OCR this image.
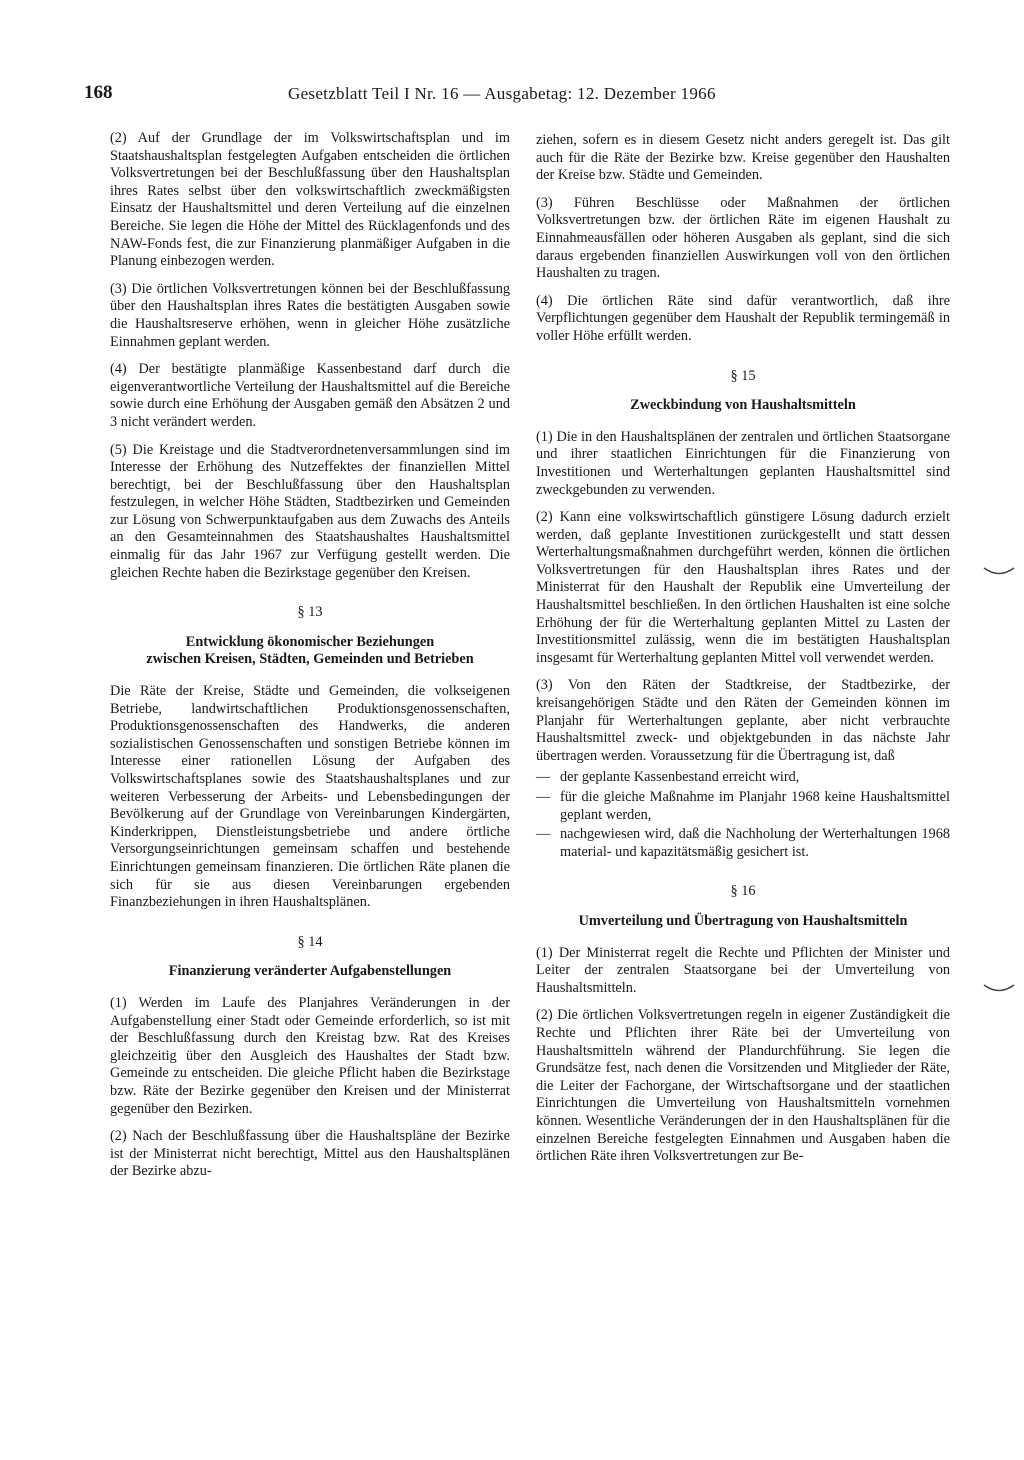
168	Gesetzblatt Teil I Nr. 16 — Ausgabetag: 12. Dezember 1966

(2) Auf der Grundlage der im Volkswirtschaftsplan und im Staatshaushaltsplan festgelegten Aufgaben entscheiden die örtlichen Volksvertretungen bei der Beschlußfassung über den Haushaltsplan ihres Rates selbst über den volkswirtschaftlich zweckmäßigsten Einsatz der Haushaltsmittel und deren Verteilung auf die einzelnen Bereiche. Sie legen die Höhe der Mittel des Rücklagenfonds und des NAW-Fonds fest, die zur Finanzierung planmäßiger Aufgaben in die Planung einbezogen werden.

(3) Die örtlichen Volksvertretungen können bei der Beschlußfassung über den Haushaltsplan ihres Rates die bestätigten Ausgaben sowie die Haushaltsreserve erhöhen, wenn in gleicher Höhe zusätzliche Einnahmen geplant werden.

(4) Der bestätigte planmäßige Kassenbestand darf durch die eigenverantwortliche Verteilung der Haushaltsmittel auf die Bereiche sowie durch eine Erhöhung der Ausgaben gemäß den Absätzen 2 und 3 nicht verändert werden.

(5) Die Kreistage und die Stadtverordnetenversammlungen sind im Interesse der Erhöhung des Nutzeffektes der finanziellen Mittel berechtigt, bei der Beschlußfassung über den Haushaltsplan festzulegen, in welcher Höhe Städten, Stadtbezirken und Gemeinden zur Lösung von Schwerpunktaufgaben aus dem Zuwachs des Anteils an den Gesamteinnahmen des Staatshaushaltes Haushaltsmittel einmalig für das Jahr 1967 zur Verfügung gestellt werden. Die gleichen Rechte haben die Bezirkstage gegenüber den Kreisen.

§ 13
Entwicklung ökonomischer Beziehungen
zwischen Kreisen, Städten, Gemeinden und Betrieben

Die Räte der Kreise, Städte und Gemeinden, die volkseigenen Betriebe, landwirtschaftlichen Produktionsgenossenschaften, Produktionsgenossenschaften des Handwerks, die anderen sozialistischen Genossenschaften und sonstigen Betriebe können im Interesse einer rationellen Lösung der Aufgaben des Volkswirtschaftsplanes sowie des Staatshaushaltsplanes und zur weiteren Verbesserung der Arbeits- und Lebensbedingungen der Bevölkerung auf der Grundlage von Vereinbarungen Kindergärten, Kinderkrippen, Dienstleistungsbetriebe und andere örtliche Versorgungseinrichtungen gemeinsam schaffen und bestehende Einrichtungen gemeinsam finanzieren. Die örtlichen Räte planen die sich für sie aus diesen Vereinbarungen ergebenden Finanzbeziehungen in ihren Haushaltsplänen.

§ 14
Finanzierung veränderter Aufgabenstellungen

(1) Werden im Laufe des Planjahres Veränderungen in der Aufgabenstellung einer Stadt oder Gemeinde erforderlich, so ist mit der Beschlußfassung durch den Kreistag bzw. Rat des Kreises gleichzeitig über den Ausgleich des Haushaltes der Stadt bzw. Gemeinde zu entscheiden. Die gleiche Pflicht haben die Bezirkstage bzw. Räte der Bezirke gegenüber den Kreisen und der Ministerrat gegenüber den Bezirken.

(2) Nach der Beschlußfassung über die Haushaltspläne der Bezirke ist der Ministerrat nicht berechtigt, Mittel aus den Haushaltsplänen der Bezirke abzu-

ziehen, sofern es in diesem Gesetz nicht anders geregelt ist. Das gilt auch für die Räte der Bezirke bzw. Kreise gegenüber den Haushalten der Kreise bzw. Städte und Gemeinden.

(3) Führen Beschlüsse oder Maßnahmen der örtlichen Volksvertretungen bzw. der örtlichen Räte im eigenen Haushalt zu Einnahmeausfällen oder höheren Ausgaben als geplant, sind die sich daraus ergebenden finanziellen Auswirkungen voll von den örtlichen Haushalten zu tragen.

(4) Die örtlichen Räte sind dafür verantwortlich, daß ihre Verpflichtungen gegenüber dem Haushalt der Republik termingemäß in voller Höhe erfüllt werden.

§ 15
Zweckbindung von Haushaltsmitteln

(1) Die in den Haushaltsplänen der zentralen und örtlichen Staatsorgane und ihrer staatlichen Einrichtungen für die Finanzierung von Investitionen und Werterhaltungen geplanten Haushaltsmittel sind zweckgebunden zu verwenden.

(2) Kann eine volkswirtschaftlich günstigere Lösung dadurch erzielt werden, daß geplante Investitionen zurückgestellt und statt dessen Werterhaltungsmaßnahmen durchgeführt werden, können die örtlichen Volksvertretungen für den Haushaltsplan ihres Rates und der Ministerrat für den Haushalt der Republik eine Umverteilung der Haushaltsmittel beschließen. In den örtlichen Haushalten ist eine solche Erhöhung der für die Werterhaltung geplanten Mittel zu Lasten der Investitionsmittel zulässig, wenn die im bestätigten Haushaltsplan insgesamt für Werterhaltung geplanten Mittel voll verwendet werden.

(3) Von den Räten der Stadtkreise, der Stadtbezirke, der kreisangehörigen Städte und den Räten der Gemeinden können im Planjahr für Werterhaltungen geplante, aber nicht verbrauchte Haushaltsmittel zweck- und objektgebunden in das nächste Jahr übertragen werden. Voraussetzung für die Übertragung ist, daß

— der geplante Kassenbestand erreicht wird,
— für die gleiche Maßnahme im Planjahr 1968 keine Haushaltsmittel geplant werden,
— nachgewiesen wird, daß die Nachholung der Werterhaltungen 1968 material- und kapazitätsmäßig gesichert ist.
§ 16
Umverteilung und Übertragung von Haushaltsmitteln

(1) Der Ministerrat regelt die Rechte und Pflichten der Minister und Leiter der zentralen Staatsorgane bei der Umverteilung von Haushaltsmitteln.

(2) Die örtlichen Volksvertretungen regeln in eigener Zuständigkeit die Rechte und Pflichten ihrer Räte bei der Umverteilung von Haushaltsmitteln während der Plandurchführung. Sie legen die Grundsätze fest, nach denen die Vorsitzenden und Mitglieder der Räte, die Leiter der Fachorgane, der Wirtschaftsorgane und der staatlichen Einrichtungen die Umverteilung von Haushaltsmitteln vornehmen können. Wesentliche Veränderungen der in den Haushaltsplänen für die einzelnen Bereiche festgelegten Einnahmen und Ausgaben haben die örtlichen Räte ihren Volksvertretungen zur Be-
